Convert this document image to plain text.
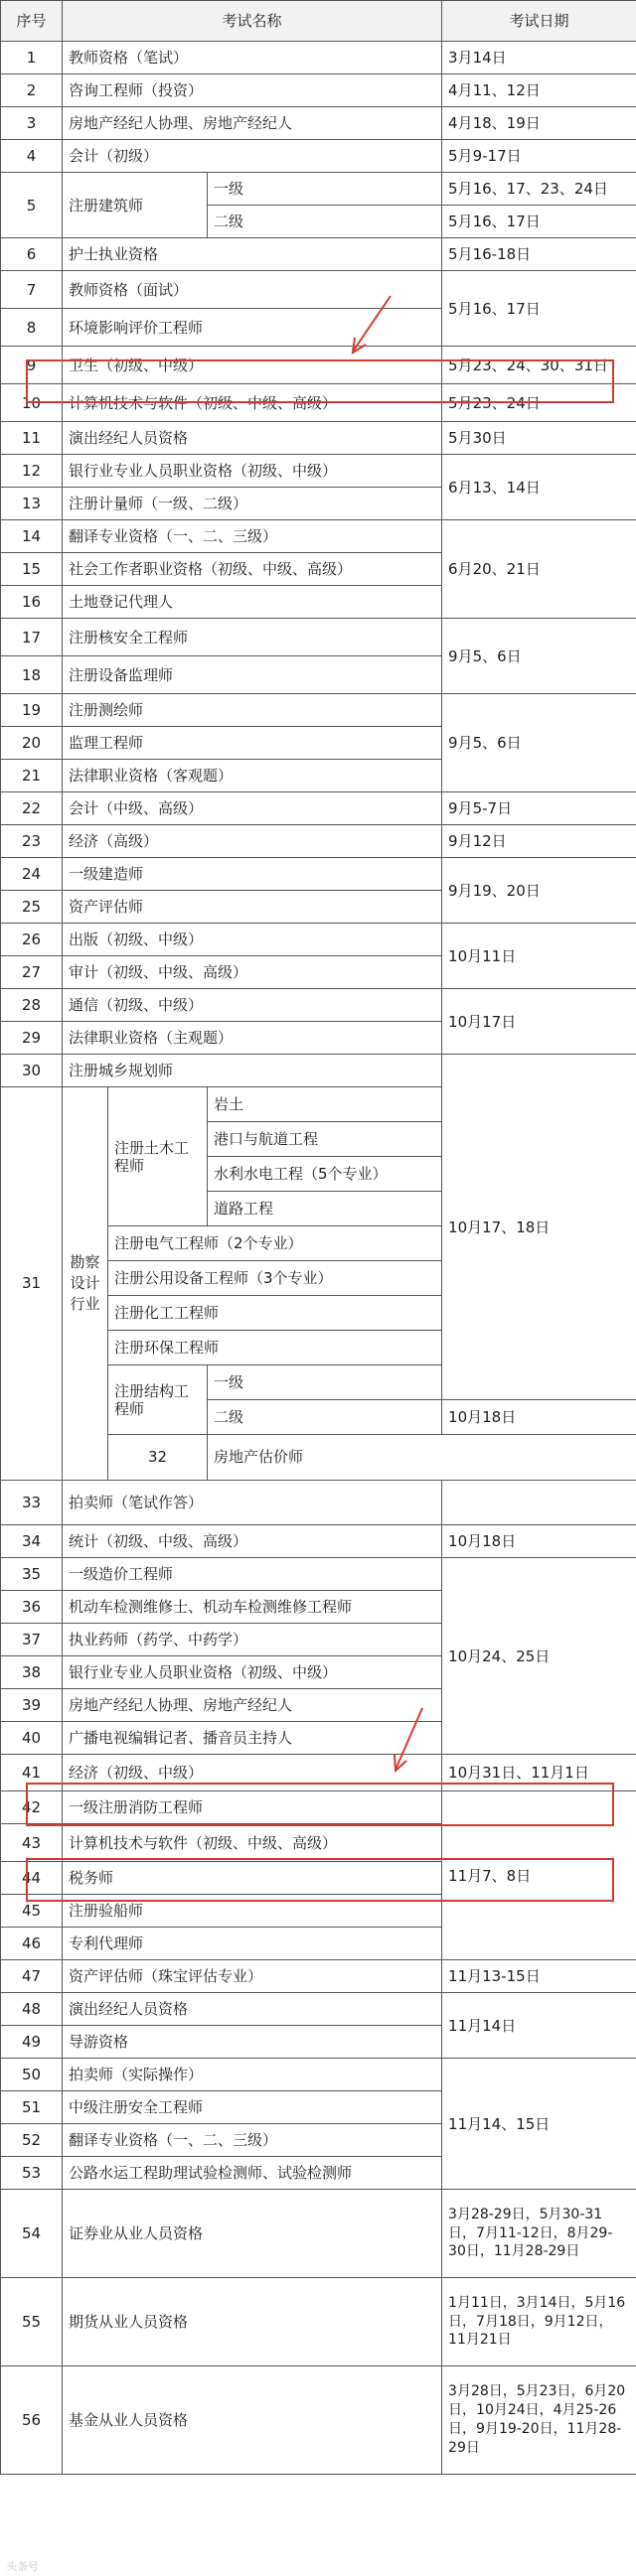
序号	考试名称			考试日期	
1	教师资格（笔试）			3月14日	
2	咨询工程师（投资）			4月11、12日	
3	房地产经纪人协理、房地产经纪人			4月18、19日	
4	会计（初级）			5月9-17日	
5	注册建筑师		一级	5月16、17、23、24日	
			二级	5月16、17日	
6	护士执业资格			5月16-18日	
7	教师资格（面试）			5月16、17日	
8	环境影响评价工程师				
9	卫生（初级、中级）			5月23、24、30、31日	
10	计算机技术与软件（初级、中级、高级）			5月23、24日	
11	演出经纪人员资格			5月30日	
12	银行业专业人员职业资格（初级、中级）			6月13、14日	
13	注册计量师（一级、二级）				
14	翻译专业资格（一、二、三级）			6月20、21日	
15	社会工作者职业资格（初级、中级、高级）				
16	土地登记代理人				
17	注册核安全工程师			9月5、6日	
18	注册设备监理师				
19	注册测绘师			9月5、6日	
20	监理工程师				
21	法律职业资格（客观题）				
22	会计（中级、高级）			9月5-7日	
23	经济（高级）			9月12日	
24	一级建造师			9月19、20日	
25	资产评估师				
26	出版（初级、中级）			10月11日	
27	审计（初级、中级、高级）				
28	通信（初级、中级）			10月17日	
29	法律职业资格（主观题）				
30	注册城乡规划师			10月17、18日	
31	勘察设计行业	注册土木工程师	岩土		
			港口与航道工程		
			水利水电工程（5个专业）		
			道路工程		
		注册电气工程师（2个专业）			
		注册公用设备工程师（3个专业）			
		注册化工工程师			
		注册环保工程师			
		注册结构工程师	一级		
			二级	10月18日	
		32	房地产估价师	
33	拍卖师（笔试作答）				
34	统计（初级、中级、高级）			10月18日	
35	一级造价工程师			10月24、25日	
36	机动车检测维修士、机动车检测维修工程师				
37	执业药师（药学、中药学）				
38	银行业专业人员职业资格（初级、中级）				
39	房地产经纪人协理、房地产经纪人				
40	广播电视编辑记者、播音员主持人				
41	经济（初级、中级）			10月31日、11月1日	
42	一级注册消防工程师			11月7、8日	
43	计算机技术与软件（初级、中级、高级）				
44	税务师				
45	注册验船师				
46	专利代理师				
47	资产评估师（珠宝评估专业）			11月13-15日	
48	演出经纪人员资格			11月14日	
49	导游资格				
50	拍卖师（实际操作）			11月14、15日	
51	中级注册安全工程师				
52	翻译专业资格（一、二、三级）				
53	公路水运工程助理试验检测师、试验检测师				
54	证券业从业人员资格			3月28-29日，5月30-31日，7月11-12日，8月29-30日，11月28-29日	
55	期货从业人员资格			1月11日，3月14日，5月16日，7月18日，9月12日，11月21日	
56	基金从业人员资格			3月28日，5月23日，6月20日，10月24日，4月25-26日，9月19-20日，11月28-29日	
头条号
